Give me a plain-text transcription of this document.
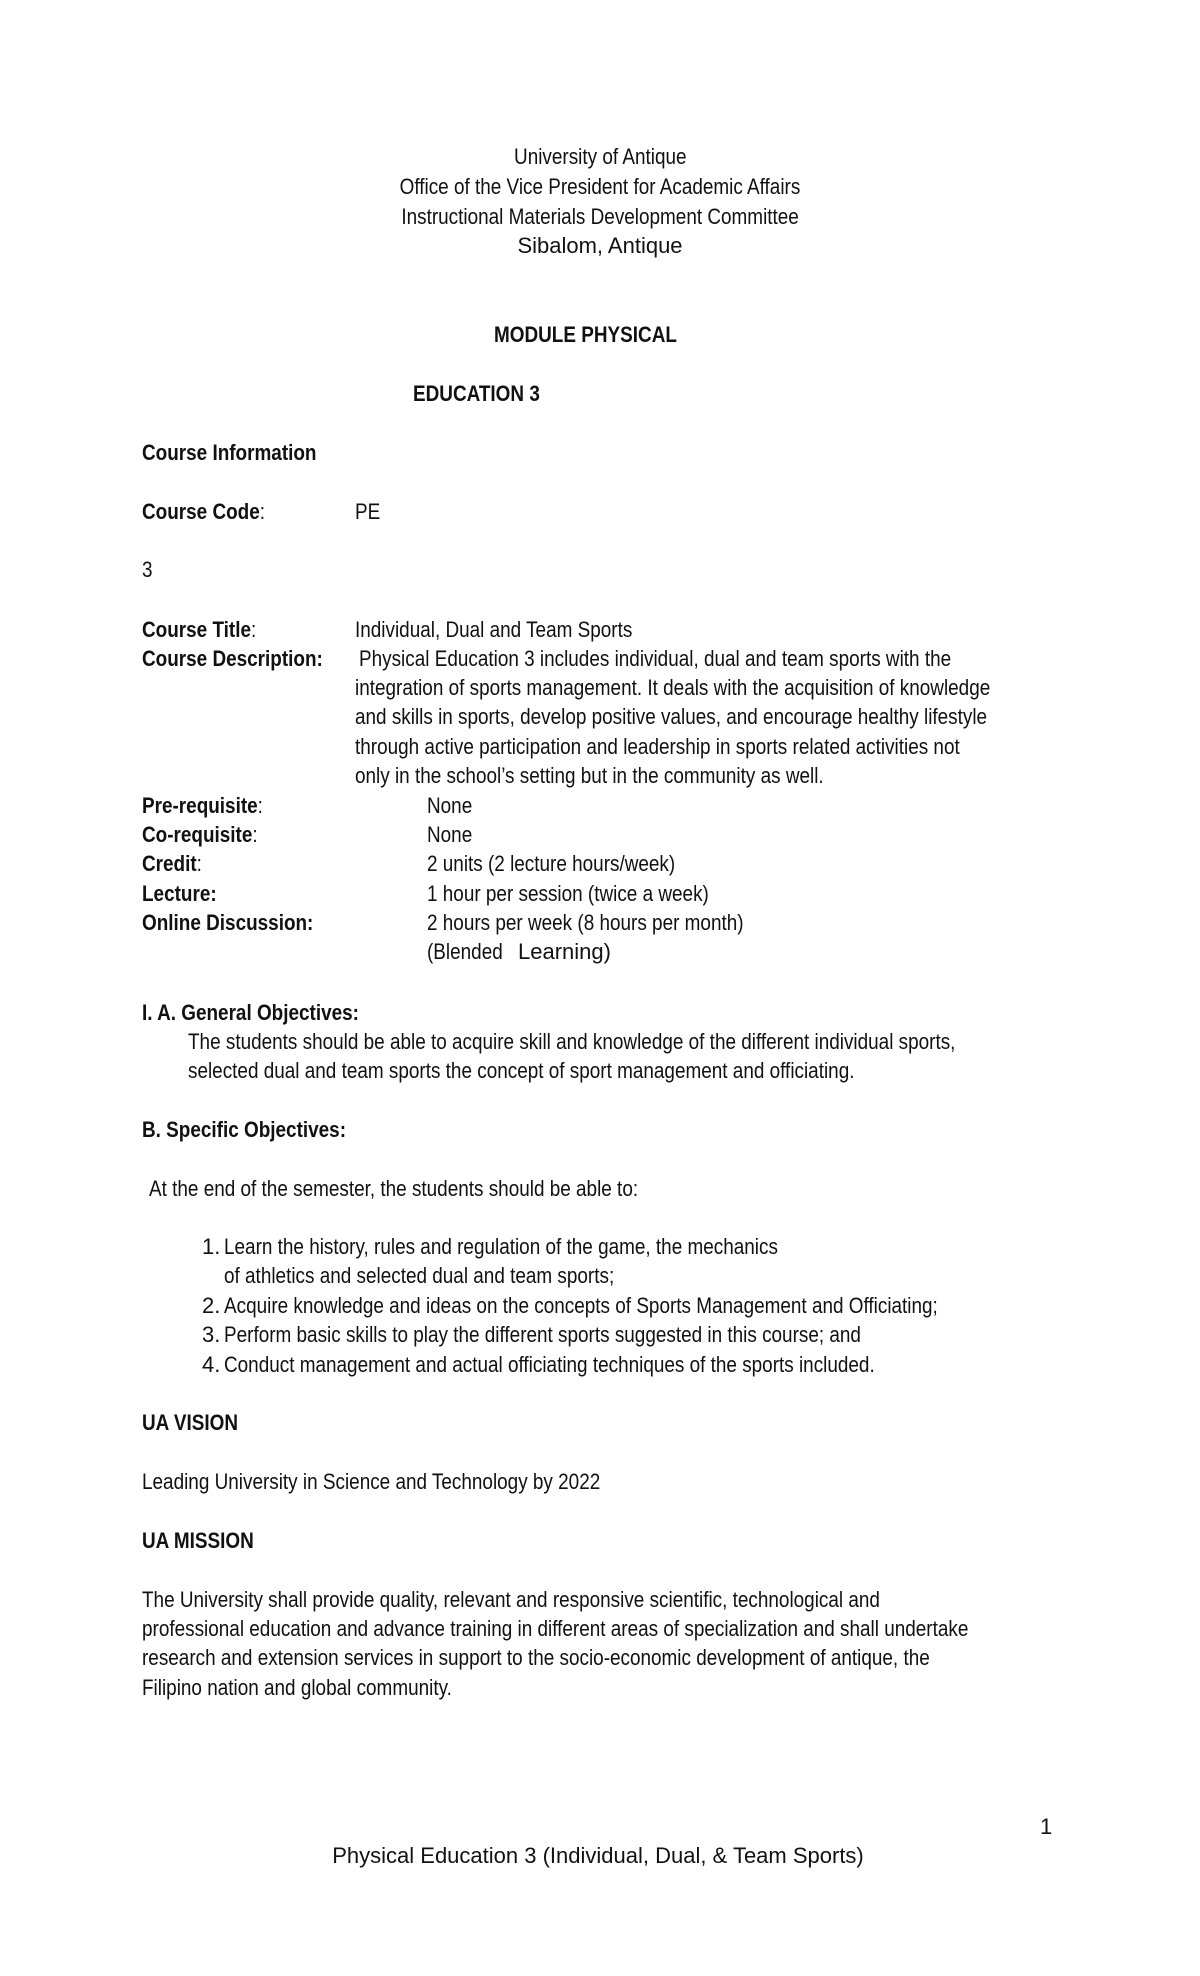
University of Antique
Office of the Vice President for Academic Affairs
Instructional Materials Development Committee
Sibalom, Antique
MODULE PHYSICAL
EDUCATION 3
Course Information
Course Code:	PE
3
Course Title:	Individual, Dual and Team Sports
Course Description: Physical Education 3 includes individual, dual and team sports with the
integration of sports management. It deals with the acquisition of knowledge
and skills in sports, develop positive values, and encourage healthy lifestyle
through active participation and leadership in sports related activities not
only in the school’s setting but in the community as well.
Pre-requisite:	None
Co-requisite:	None
Credit:	2 units (2 lecture hours/week)
Lecture:	1 hour per session (twice a week)
Online Discussion:	2 hours per week (8 hours per month)
(Blended Learning)
I. A. General Objectives:
The students should be able to acquire skill and knowledge of the different individual sports,
selected dual and team sports the concept of sport management and officiating.
B. Specific Objectives:
At the end of the semester, the students should be able to:
1. Learn the history, rules and regulation of the game, the mechanics
of athletics and selected dual and team sports;
2. Acquire knowledge and ideas on the concepts of Sports Management and Officiating;
3. Perform basic skills to play the different sports suggested in this course; and
4. Conduct management and actual officiating techniques of the sports included.
UA VISION
Leading University in Science and Technology by 2022
UA MISSION
The University shall provide quality, relevant and responsive scientific, technological and
professional education and advance training in different areas of specialization and shall undertake
research and extension services in support to the socio-economic development of antique, the
Filipino nation and global community.
1
Physical Education 3 (Individual, Dual, & Team Sports)
